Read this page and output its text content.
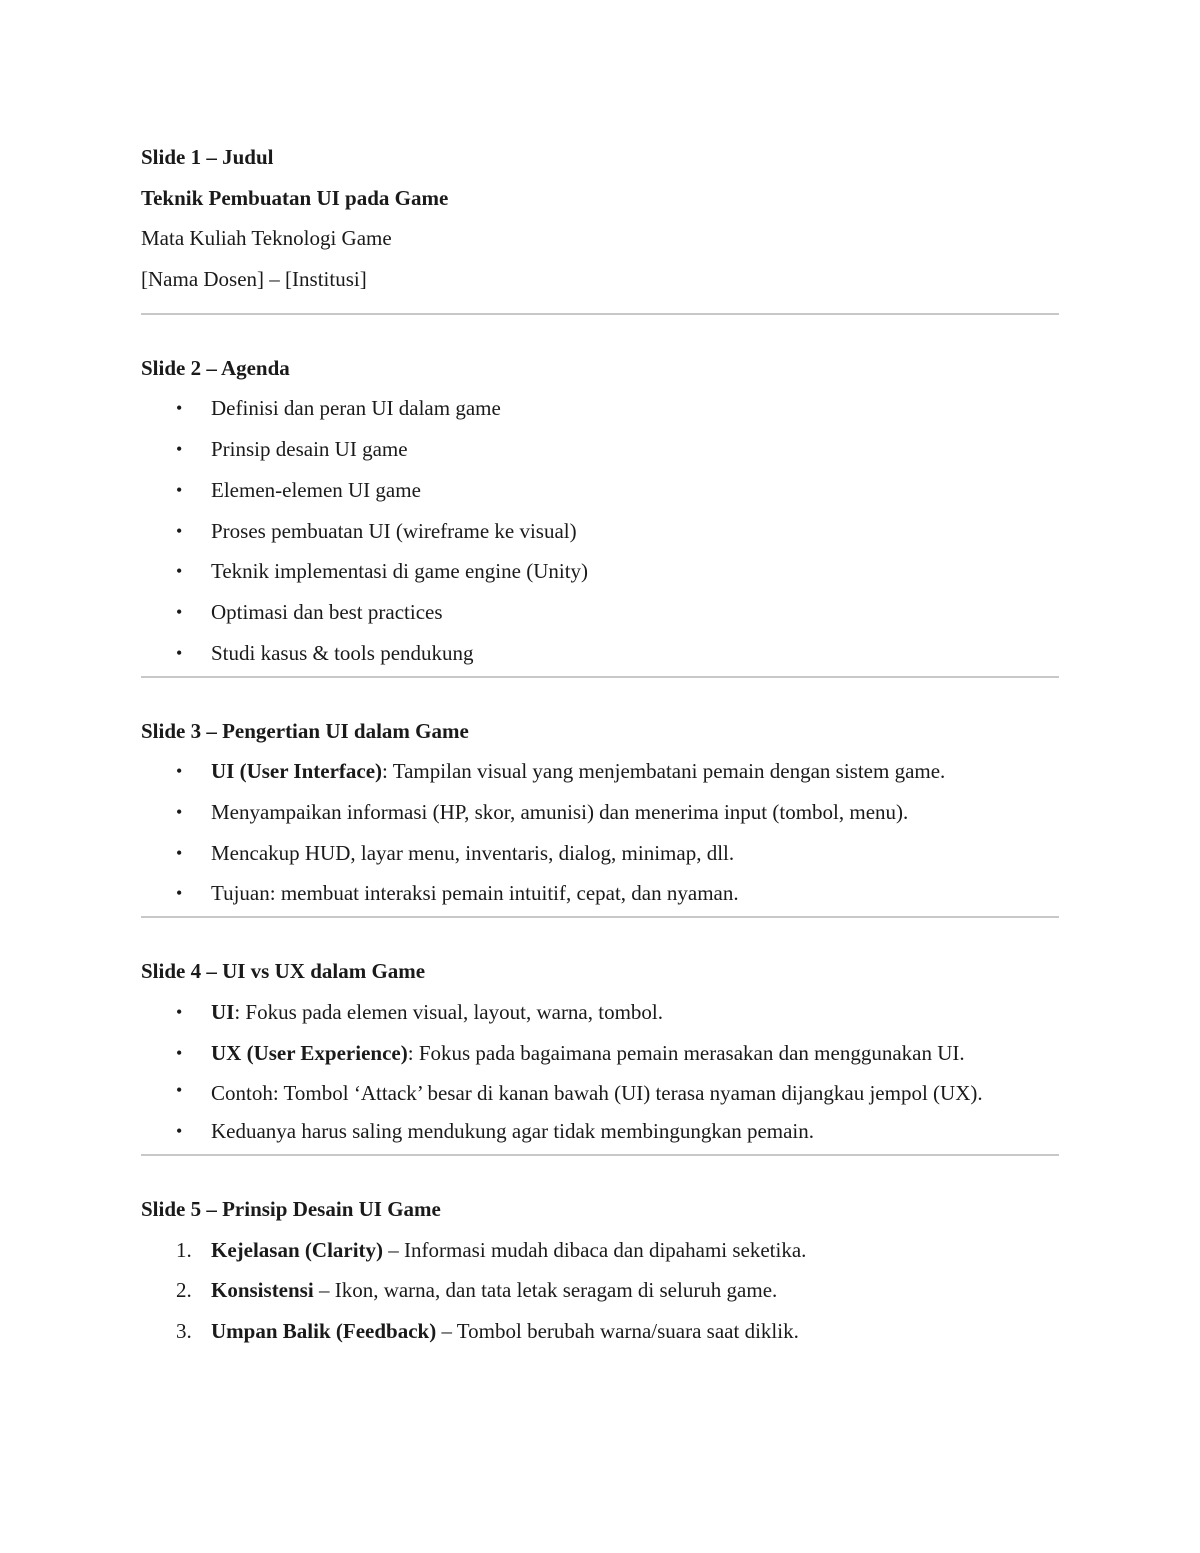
Slide 1 – Judul
Teknik Pembuatan UI pada Game
Mata Kuliah Teknologi Game
[Nama Dosen] – [Institusi]
Slide 2 – Agenda
• Definisi dan peran UI dalam game
• Prinsip desain UI game
• Elemen-elemen UI game
• Proses pembuatan UI (wireframe ke visual)
• Teknik implementasi di game engine (Unity)
• Optimasi dan best practices
• Studi kasus & tools pendukung
Slide 3 – Pengertian UI dalam Game
• UI (User Interface): Tampilan visual yang menjembatani pemain dengan sistem game.
• Menyampaikan informasi (HP, skor, amunisi) dan menerima input (tombol, menu).
• Mencakup HUD, layar menu, inventaris, dialog, minimap, dll.
• Tujuan: membuat interaksi pemain intuitif, cepat, dan nyaman.
Slide 4 – UI vs UX dalam Game
• UI: Fokus pada elemen visual, layout, warna, tombol.
• UX (User Experience): Fokus pada bagaimana pemain merasakan dan menggunakan UI.
• Contoh: Tombol ‘Attack’ besar di kanan bawah (UI) terasa nyaman dijangkau jempol (UX).
• Keduanya harus saling mendukung agar tidak membingungkan pemain.
Slide 5 – Prinsip Desain UI Game
1. Kejelasan (Clarity) – Informasi mudah dibaca dan dipahami seketika.
2. Konsistensi – Ikon, warna, dan tata letak seragam di seluruh game.
3. Umpan Balik (Feedback) – Tombol berubah warna/suara saat diklik.
